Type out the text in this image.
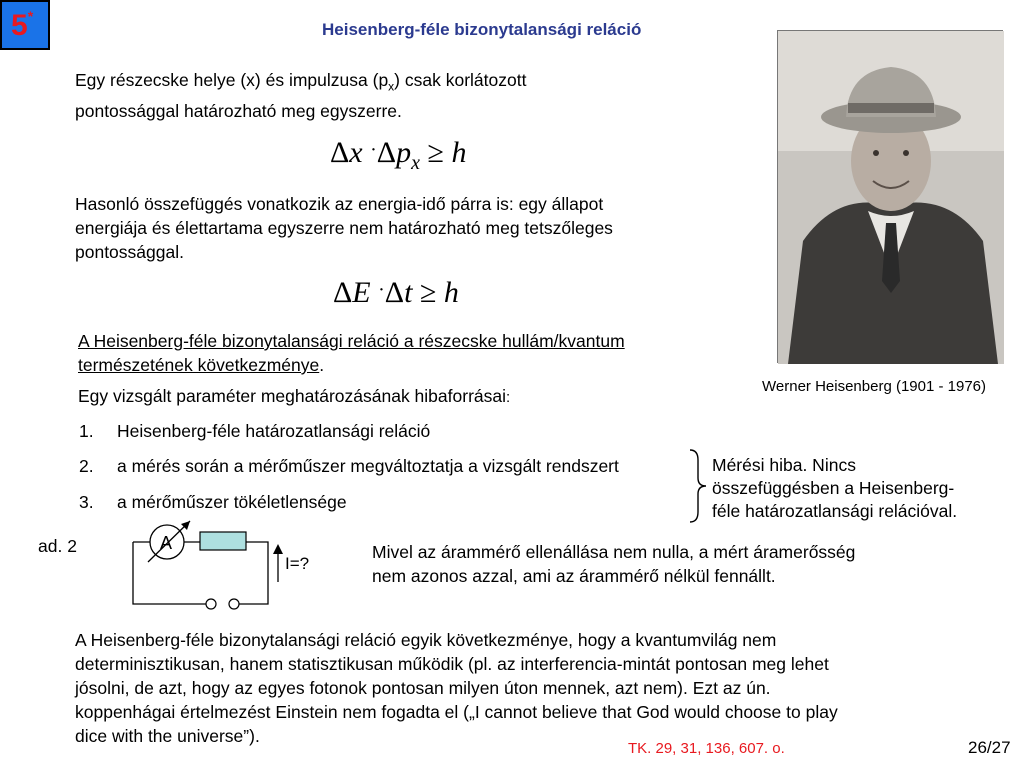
5 *
Heisenberg-féle bizonytalansági reláció
Egy részecske helye (x) és impulzusa $(p_x)$ csak korlátozott
pontossággal határozható meg egyszerre.
Δx $^\cdot\Delta p_x \ge h$
Hasonló összefüggés vonatkozik az energia-idő párra is: egy állapot
energiája és élettartama egyszerre nem határozható meg tetszőleges
pontossággal.
ΔE ·Δt ≥ h
A Heisenberg-féle bizonytalansági reláció a részecske hullám/kvantum
természetének következménye.
Egy vizsgált paraméter meghatározásának hibaforrásai:
1. Heisenberg-féle határozatlansági reláció
2. a mérés során a mérőműszer megváltoztatja a vizsgált rendszert
3. a mérőműszer tökéletlensége
Mérési hiba. Nincs
összefüggésben a Heisenberg-
féle határozatlansági relációval.
ad. 2	A
I=?
Mivel az árammérő ellenállása nem nulla, a mért áramerősség
nem azonos azzal, ami az árammérő nélkül fennállt.
A Heisenberg-féle bizonytalansági reláció egyik következménye, hogy a kvantumvilág nem
determinisztikusan, hanem statisztikusan működik (pl. az interferencia-mintát pontosan meg lehet
jósolni, de azt, hogy az egyes fotonok pontosan milyen úton mennek, azt nem). Ezt az ún.
koppenhágai értelmezést Einstein nem fogadta el („I cannot believe that God would choose to play
dice with the universe”).
Werner Heisenberg (1901 - 1976)
TK. 29, 31, 136, 607. o.	26/27
